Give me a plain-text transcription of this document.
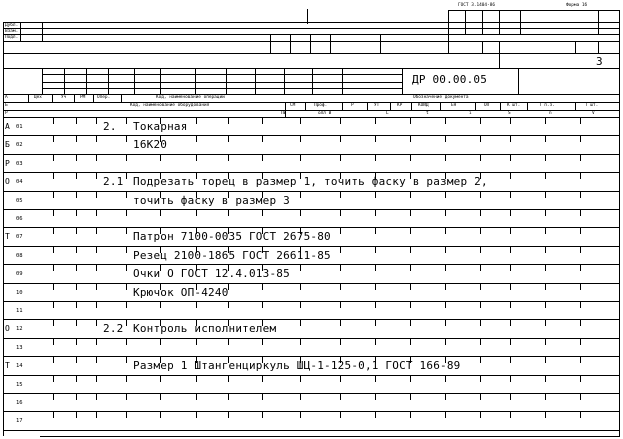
ГОСТ 3.1404-86	Форма 1б
Дубл.
Взам.
Подл.
3
ДР 00.00.05
А	Цех	Уч	РМ	Опер.	Код, наименование операции	Обозначение документа
Б	Код, наименование оборудования	СМ	Проф.	Р	УТ	КР	КОИД	ЕН	ОП	К шт.	Т п.з.	Т шт.
Р	ПИ	олл В	L	t	i	S	n	V
А 01	2. Токарная
Б 02	16К20
Р 03
О 04	2.1 Подрезать торец в размер 1, точить фаску в размер 2,
05	точить фаску в размер 3
06
Т 07	Патрон 7100-0035 ГОСТ 2675-80
08	Резец 2100-1865 ГОСТ 26611-85
09	Очки О ГОСТ 12.4.013-85
10	Крючок ОП-4240
11
О 12	2.2 Контроль исполнителем
13
Т 14	Размер 1 Штангенциркуль ШЦ-1-125-0,1 ГОСТ 166-89
15
16
17
